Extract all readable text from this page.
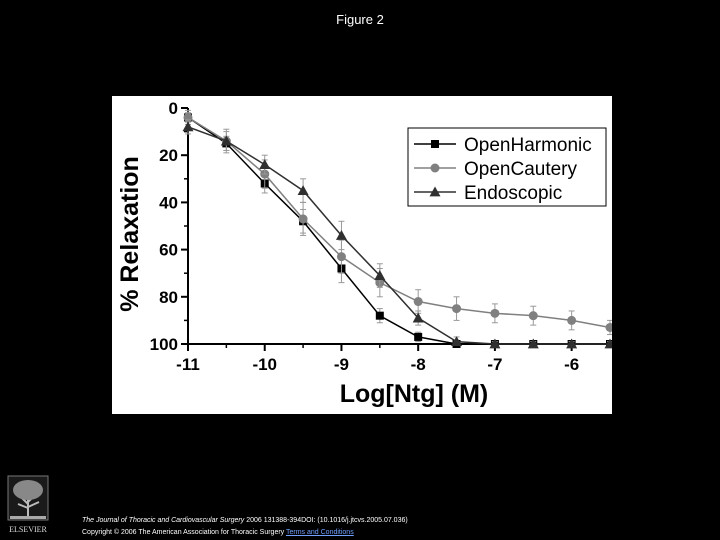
Figure 2
0
20
40
60
80
100
-11	-10	-9	-8	-7	-6
Log[Ntg] (M)
% Relaxation
OpenHarmonic
OpenCautery
Endoscopic
ELSEVIER
The Journal of Thoracic and Cardiovascular Surgery 2006 131388-394DOI: (10.1016/j.jtcvs.2005.07.036)
Copyright © 2006 The American Association for Thoracic Surgery Terms and Conditions
